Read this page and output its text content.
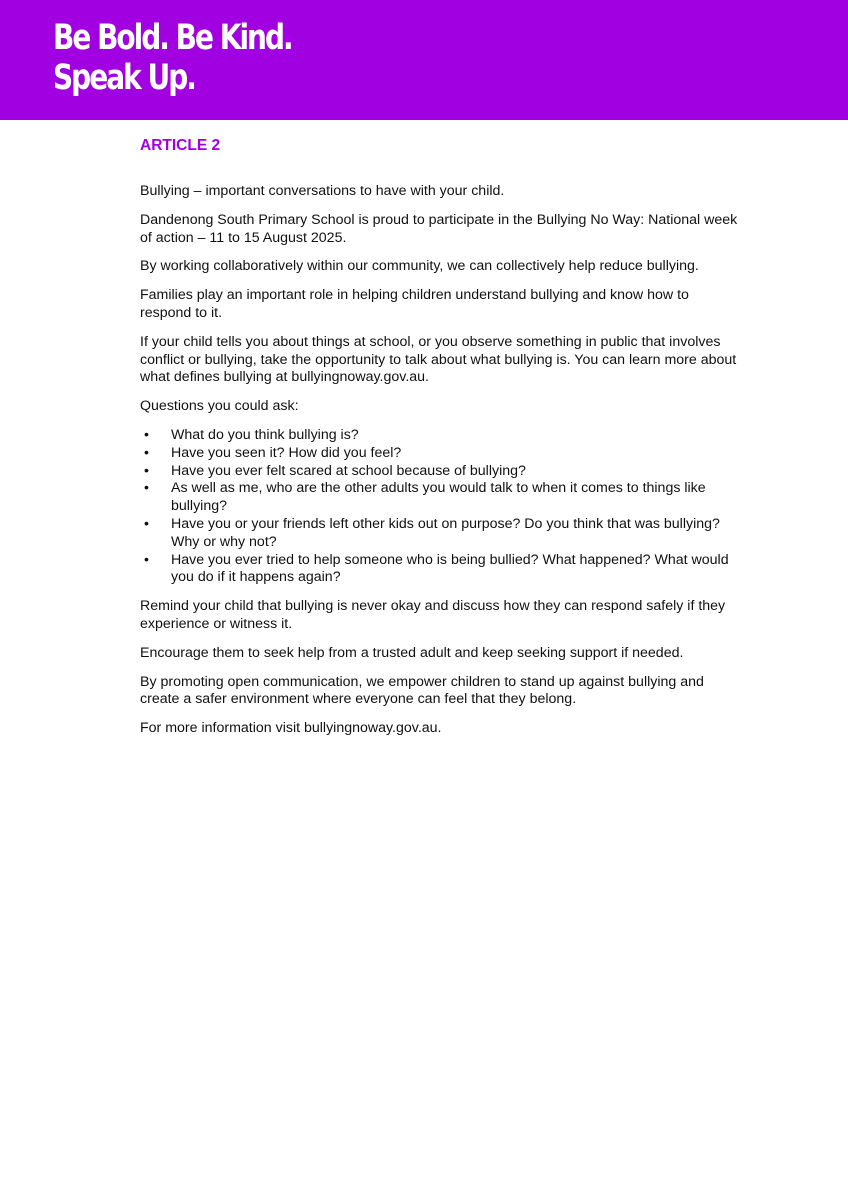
Be Bold. Be Kind.
Speak Up.
ARTICLE 2

Bullying – important conversations to have with your child.

Dandenong South Primary School is proud to participate in the Bullying No Way: National week of action – 11 to 15 August 2025.

By working collaboratively within our community, we can collectively help reduce bullying.

Families play an important role in helping children understand bullying and know how to respond to it.

If your child tells you about things at school, or you observe something in public that involves conflict or bullying, take the opportunity to talk about what bullying is. You can learn more about what defines bullying at bullyingnoway.gov.au.

Questions you could ask:

• What do you think bullying is?
• Have you seen it? How did you feel?
• Have you ever felt scared at school because of bullying?
• As well as me, who are the other adults you would talk to when it comes to things like bullying?
• Have you or your friends left other kids out on purpose? Do you think that was bullying? Why or why not?
• Have you ever tried to help someone who is being bullied? What happened? What would you do if it happens again?

Remind your child that bullying is never okay and discuss how they can respond safely if they experience or witness it.

Encourage them to seek help from a trusted adult and keep seeking support if needed.

By promoting open communication, we empower children to stand up against bullying and create a safer environment where everyone can feel that they belong.

For more information visit bullyingnoway.gov.au.
